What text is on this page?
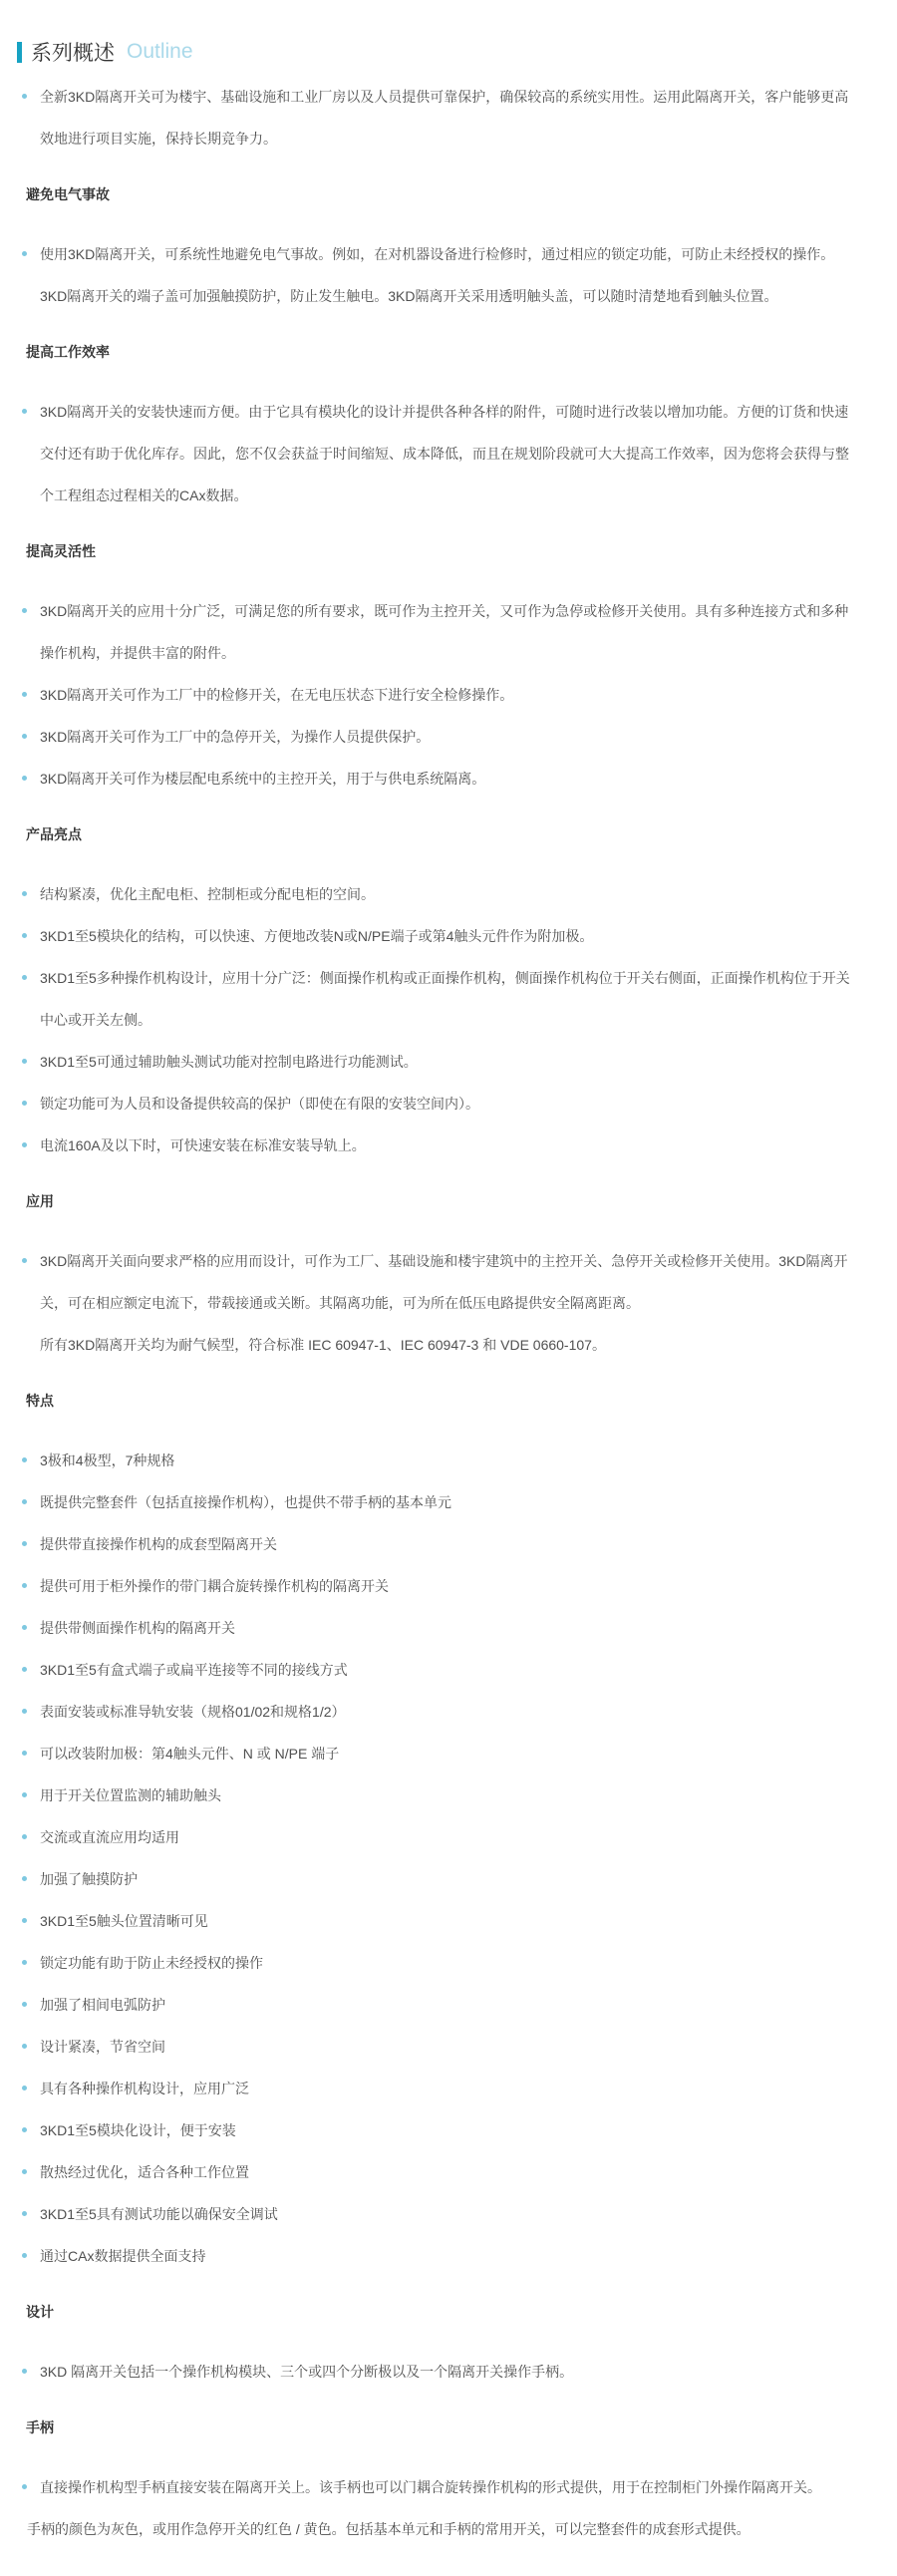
系列概述 Outline

全新3KD隔离开关可为楼宇、基础设施和工业厂房以及人员提供可靠保护，确保较高的系统实用性。运用此隔离开关，客户能够更高效地进行项目实施，保持长期竞争力。

避免电气事故

使用3KD隔离开关，可系统性地避免电气事故。例如，在对机器设备进行检修时，通过相应的锁定功能，可防止未经授权的操作。3KD隔离开关的端子盖可加强触摸防护，防止发生触电。3KD隔离开关采用透明触头盖，可以随时清楚地看到触头位置。

提高工作效率

3KD隔离开关的安装快速而方便。由于它具有模块化的设计并提供各种各样的附件，可随时进行改装以增加功能。方便的订货和快速交付还有助于优化库存。因此，您不仅会获益于时间缩短、成本降低，而且在规划阶段就可大大提高工作效率，因为您将会获得与整个工程组态过程相关的CAx数据。

提高灵活性

3KD隔离开关的应用十分广泛，可满足您的所有要求，既可作为主控开关，又可作为急停或检修开关使用。具有多种连接方式和多种操作机构，并提供丰富的附件。

3KD隔离开关可作为工厂中的检修开关，在无电压状态下进行安全检修操作。

3KD隔离开关可作为工厂中的急停开关，为操作人员提供保护。

3KD隔离开关可作为楼层配电系统中的主控开关，用于与供电系统隔离。

产品亮点

结构紧凑，优化主配电柜、控制柜或分配电柜的空间。

3KD1至5模块化的结构，可以快速、方便地改装N或N/PE端子或第4触头元件作为附加极。

3KD1至5多种操作机构设计，应用十分广泛：侧面操作机构或正面操作机构，侧面操作机构位于开关右侧面，正面操作机构位于开关中心或开关左侧。

3KD1至5可通过辅助触头测试功能对控制电路进行功能测试。

锁定功能可为人员和设备提供较高的保护（即使在有限的安装空间内）。

电流160A及以下时，可快速安装在标准安装导轨上。

应用

3KD隔离开关面向要求严格的应用而设计，可作为工厂、基础设施和楼宇建筑中的主控开关、急停开关或检修开关使用。3KD隔离开关，可在相应额定电流下，带载接通或关断。其隔离功能，可为所在低压电路提供安全隔离距离。

所有3KD隔离开关均为耐气候型，符合标准 IEC 60947-1、IEC 60947-3 和 VDE 0660-107。

特点

3极和4极型，7种规格

既提供完整套件（包括直接操作机构），也提供不带手柄的基本单元

提供带直接操作机构的成套型隔离开关

提供可用于柜外操作的带门耦合旋转操作机构的隔离开关

提供带侧面操作机构的隔离开关

3KD1至5有盒式端子或扁平连接等不同的接线方式

表面安装或标准导轨安装（规格01/02和规格1/2）

可以改装附加极：第4触头元件、N 或 N/PE 端子

用于开关位置监测的辅助触头

交流或直流应用均适用

加强了触摸防护

3KD1至5触头位置清晰可见

锁定功能有助于防止未经授权的操作

加强了相间电弧防护

设计紧凑，节省空间

具有各种操作机构设计，应用广泛

3KD1至5模块化设计，便于安装

散热经过优化，适合各种工作位置

3KD1至5具有测试功能以确保安全调试

通过CAx数据提供全面支持

设计

3KD 隔离开关包括一个操作机构模块、三个或四个分断极以及一个隔离开关操作手柄。

手柄

直接操作机构型手柄直接安装在隔离开关上。该手柄也可以门耦合旋转操作机构的形式提供，用于在控制柜门外操作隔离开关。

手柄的颜色为灰色，或用作急停开关的红色 / 黄色。包括基本单元和手柄的常用开关，可以完整套件的成套形式提供。
